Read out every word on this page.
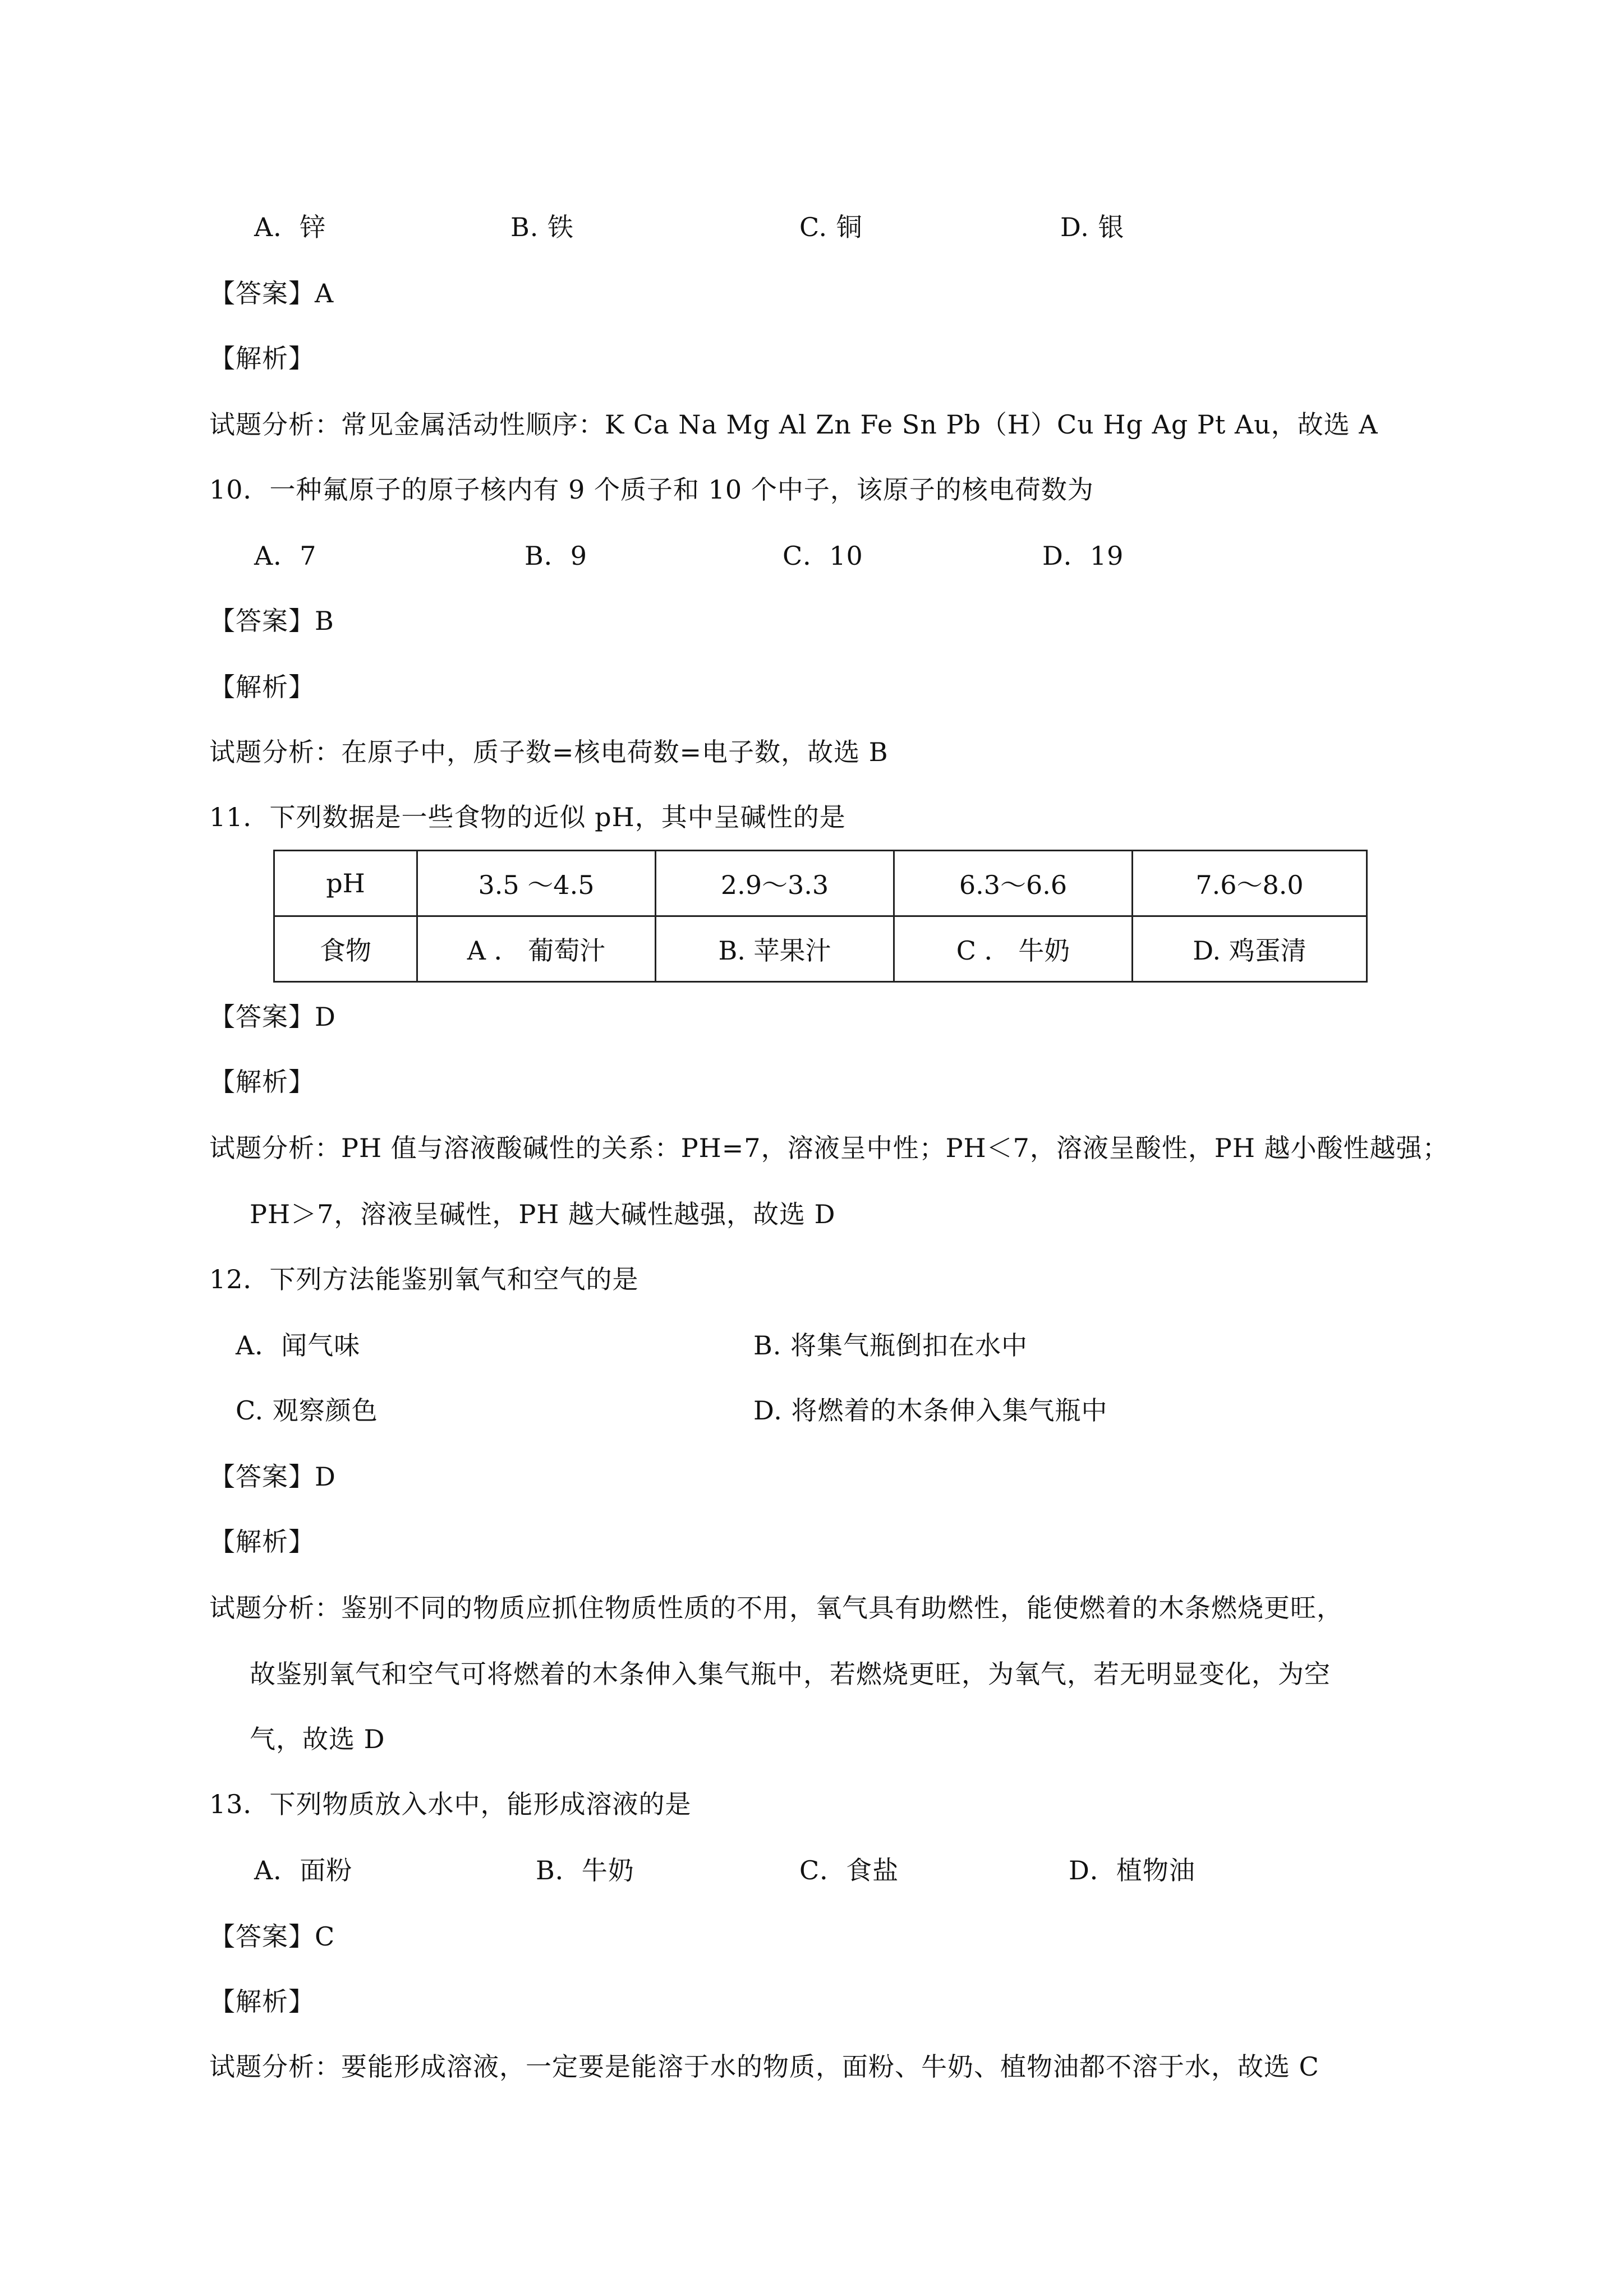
A．锌	B. 铁	C. 铜	D. 银
【答案】A
【解析】
试题分析：常见金属活动性顺序：K Ca Na Mg Al Zn Fe Sn Pb（H）Cu Hg Ag Pt Au，故选 A
10．一种氟原子的原子核内有 9 个质子和 10 个中子，该原子的核电荷数为
A．7	B．9	C．10	D．19
【答案】B
【解析】
试题分析：在原子中，质子数=核电荷数=电子数，故选 B
11．下列数据是一些食物的近似 pH，其中呈碱性的是
pH	3.5 ～4.5	2.9～3.3	6.3～6.6	7.6～8.0
食物	A ． 葡萄汁	B. 苹果汁	C ． 牛奶	D. 鸡蛋清
【答案】D
【解析】
试题分析：PH 值与溶液酸碱性的关系：PH=7，溶液呈中性；PH＜7，溶液呈酸性，PH 越小酸性越强；
PH＞7，溶液呈碱性，PH 越大碱性越强，故选 D
12．下列方法能鉴别氧气和空气的是
A．闻气味	B. 将集气瓶倒扣在水中
C. 观察颜色	D. 将燃着的木条伸入集气瓶中
【答案】D
【解析】
试题分析：鉴别不同的物质应抓住物质性质的不用，氧气具有助燃性，能使燃着的木条燃烧更旺，
故鉴别氧气和空气可将燃着的木条伸入集气瓶中，若燃烧更旺，为氧气，若无明显变化，为空
气，故选 D
13．下列物质放入水中，能形成溶液的是
A．面粉	B．牛奶	C．食盐	D．植物油
【答案】C
【解析】
试题分析：要能形成溶液，一定要是能溶于水的物质，面粉、牛奶、植物油都不溶于水，故选 C
